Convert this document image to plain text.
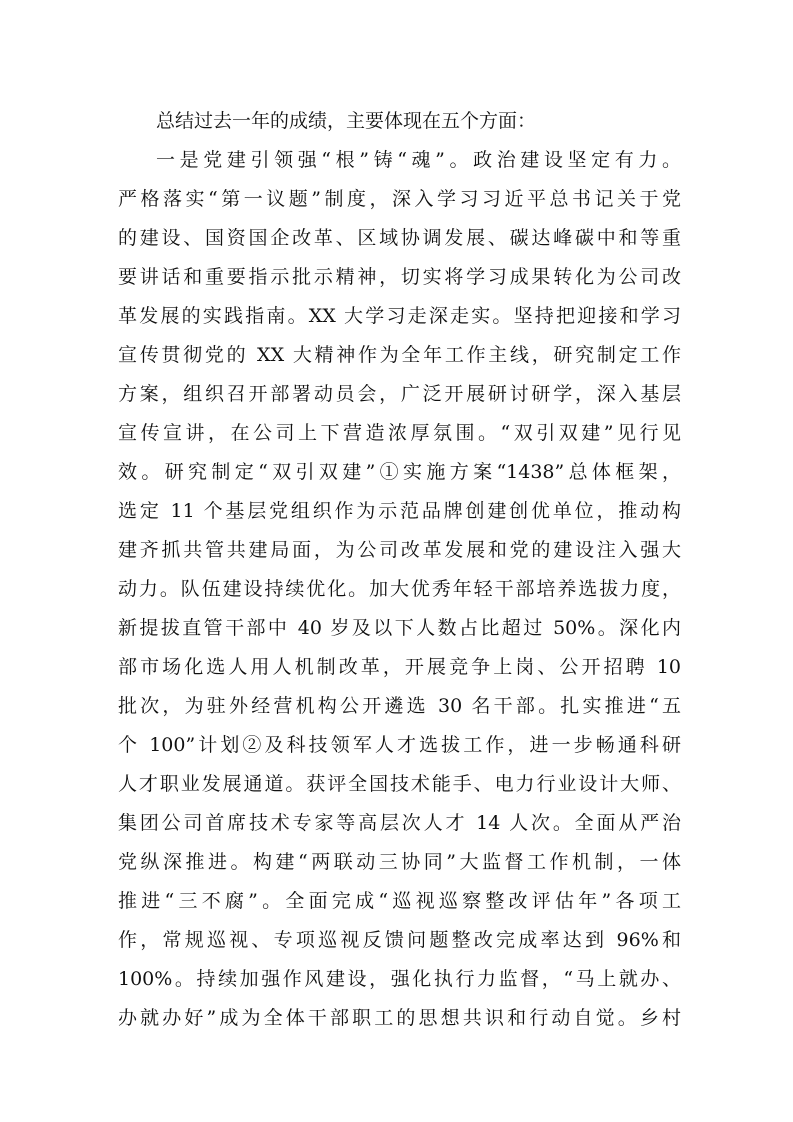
总结过去一年的成绩，主要体现在五个方面：
一是党建引领强“根”铸“魂”。政治建设坚定有力。
严格落实“第一议题”制度，深入学习习近平总书记关于党
的建设、国资国企改革、区域协调发展、碳达峰碳中和等重
要讲话和重要指示批示精神，切实将学习成果转化为公司改
革发展的实践指南。XX 大学习走深走实。坚持把迎接和学习
宣传贯彻党的 XX 大精神作为全年工作主线，研究制定工作
方案，组织召开部署动员会，广泛开展研讨研学，深入基层
宣传宣讲，在公司上下营造浓厚氛围。“双引双建”见行见
效。研究制定“双引双建”①实施方案“1438”总体框架，
选定 11 个基层党组织作为示范品牌创建创优单位，推动构
建齐抓共管共建局面，为公司改革发展和党的建设注入强大
动力。队伍建设持续优化。加大优秀年轻干部培养选拔力度，
新提拔直管干部中 40 岁及以下人数占比超过 50%。深化内
部市场化选人用人机制改革，开展竞争上岗、公开招聘 10
批次，为驻外经营机构公开遴选 30 名干部。扎实推进“五
个 100”计划②及科技领军人才选拔工作，进一步畅通科研
人才职业发展通道。获评全国技术能手、电力行业设计大师、
集团公司首席技术专家等高层次人才 14 人次。全面从严治
党纵深推进。构建“两联动三协同”大监督工作机制，一体
推进“三不腐”。全面完成“巡视巡察整改评估年”各项工
作，常规巡视、专项巡视反馈问题整改完成率达到 96%和
100%。持续加强作风建设，强化执行力监督，“马上就办、
办就办好”成为全体干部职工的思想共识和行动自觉。乡村
